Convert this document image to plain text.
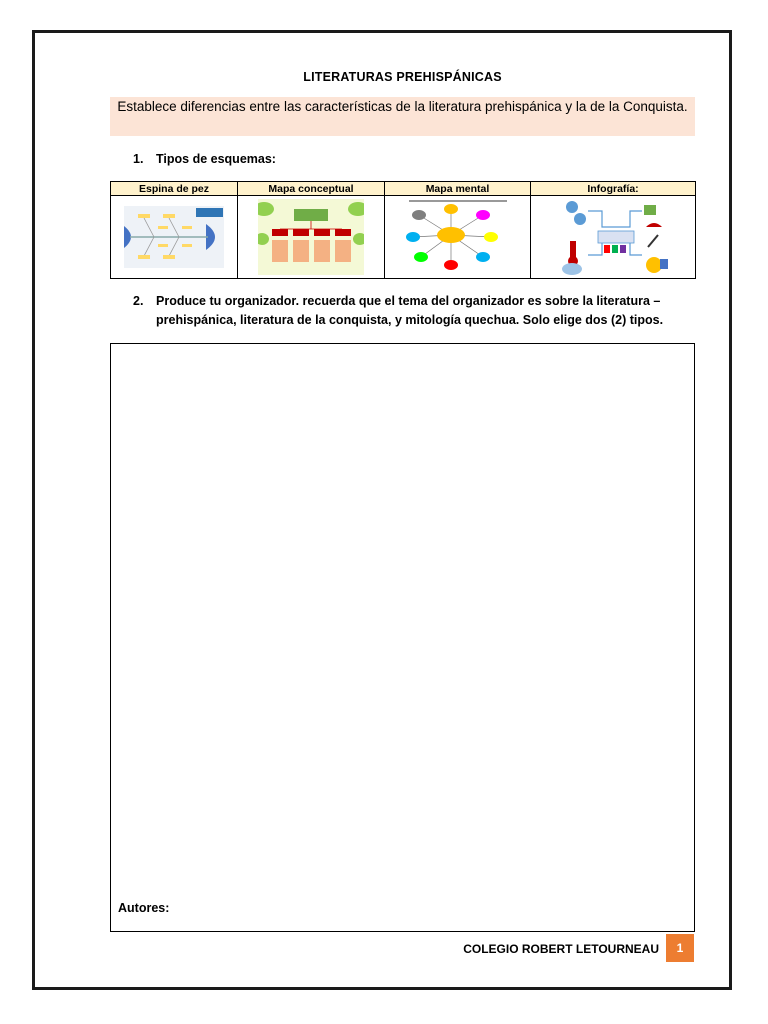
LITERATURAS PREHISPÁNICAS
Establece diferencias entre las características de la literatura prehispánica y la de la Conquista.
1. Tipos de esquemas:
Espina de pez	Mapa conceptual	Mapa mental	Infografía:

2. Produce tu organizador. recuerda que el tema del organizador es sobre la literatura – prehispánica, literatura de la conquista, y mitología quechua. Solo elige dos (2) tipos.
Autores:
COLEGIO ROBERT LETOURNEAU	1
